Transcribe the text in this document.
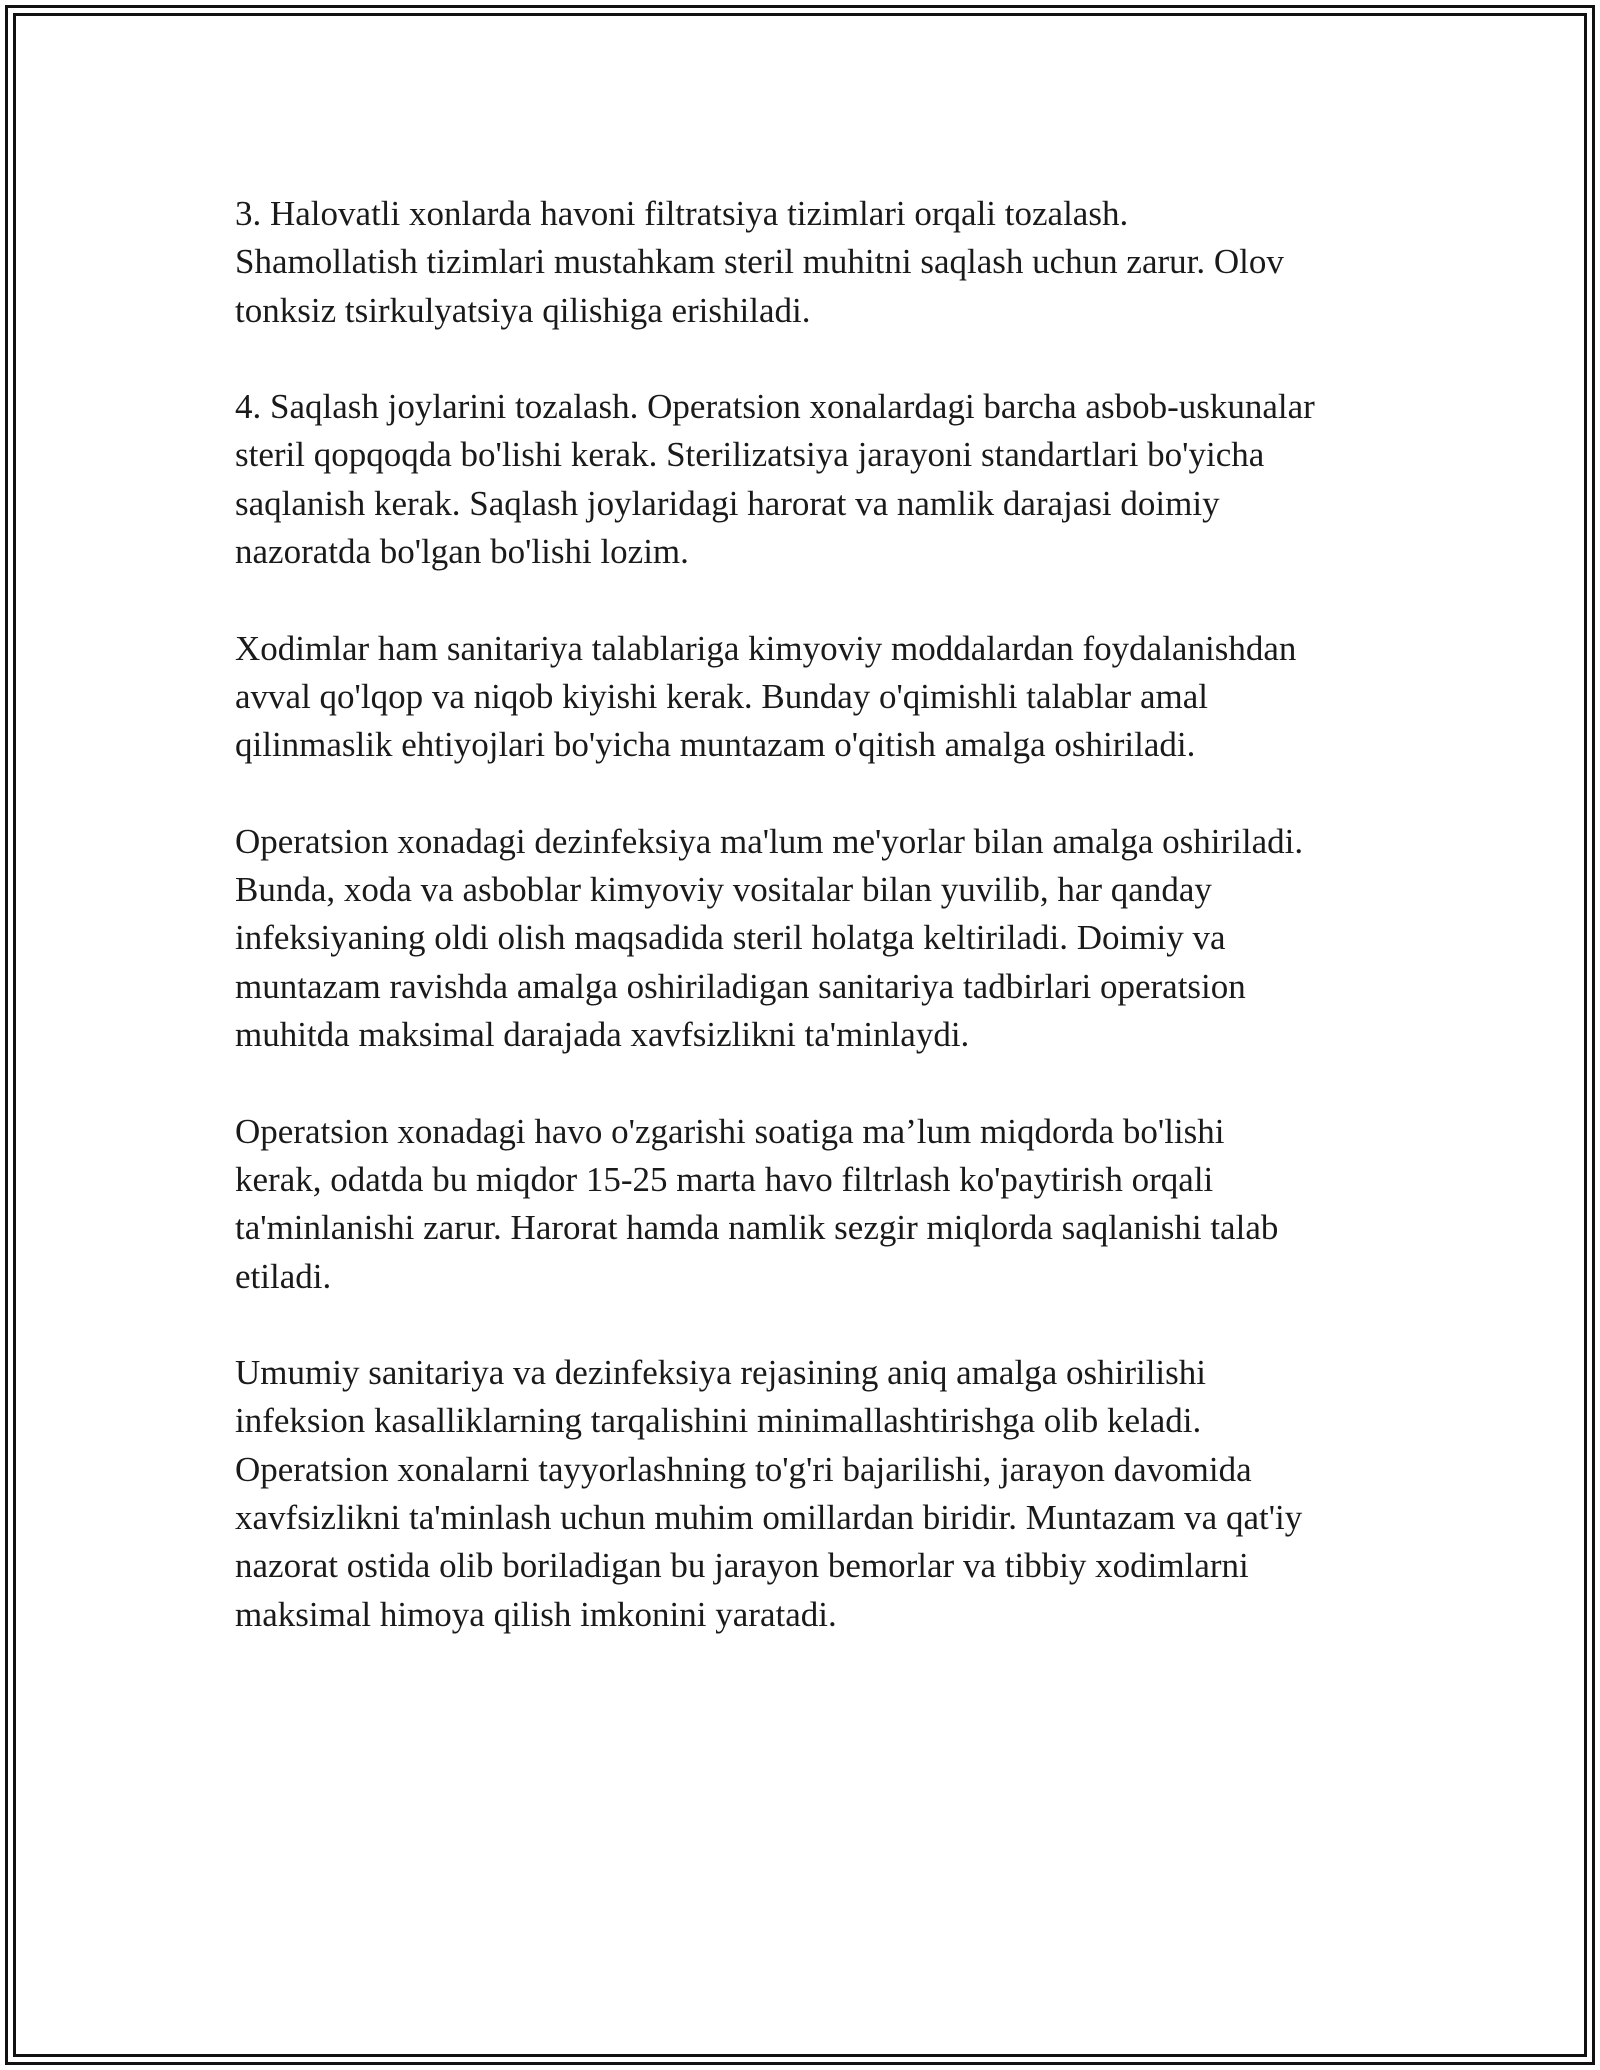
3. Halovatli xonlarda havoni filtratsiya tizimlari orqali tozalash.
Shamollatish tizimlari mustahkam steril muhitni saqlash uchun zarur. Olov
tonksiz tsirkulyatsiya qilishiga erishiladi.

4. Saqlash joylarini tozalash. Operatsion xonalardagi barcha asbob-uskunalar
steril qopqoqda bo'lishi kerak. Sterilizatsiya jarayoni standartlari bo'yicha
saqlanish kerak. Saqlash joylaridagi harorat va namlik darajasi doimiy
nazoratda bo'lgan bo'lishi lozim.

Xodimlar ham sanitariya talablariga kimyoviy moddalardan foydalanishdan
avval qo'lqop va niqob kiyishi kerak. Bunday o'qimishli talablar amal
qilinmaslik ehtiyojlari bo'yicha muntazam o'qitish amalga oshiriladi.

Operatsion xonadagi dezinfeksiya ma'lum me'yorlar bilan amalga oshiriladi.
Bunda, xoda va asboblar kimyoviy vositalar bilan yuvilib, har qanday
infeksiyaning oldi olish maqsadida steril holatga keltiriladi. Doimiy va
muntazam ravishda amalga oshiriladigan sanitariya tadbirlari operatsion
muhitda maksimal darajada xavfsizlikni ta'minlaydi.

Operatsion xonadagi havo o'zgarishi soatiga ma’lum miqdorda bo'lishi
kerak, odatda bu miqdor 15-25 marta havo filtrlash ko'paytirish orqali
ta'minlanishi zarur. Harorat hamda namlik sezgir miqlorda saqlanishi talab
etiladi.

Umumiy sanitariya va dezinfeksiya rejasining aniq amalga oshirilishi
infeksion kasalliklarning tarqalishini minimallashtirishga olib keladi.
Operatsion xonalarni tayyorlashning to'g'ri bajarilishi, jarayon davomida
xavfsizlikni ta'minlash uchun muhim omillardan biridir. Muntazam va qat'iy
nazorat ostida olib boriladigan bu jarayon bemorlar va tibbiy xodimlarni
maksimal himoya qilish imkonini yaratadi.
